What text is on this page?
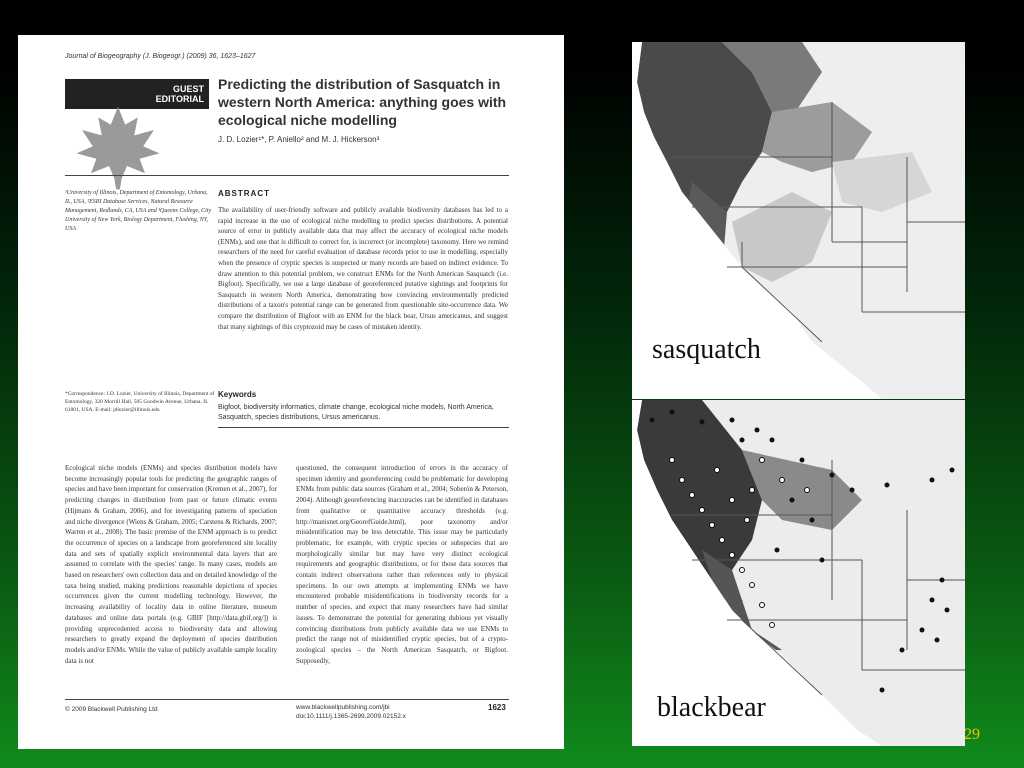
Journal of Biogeography (J. Biogeogr.) (2009) 36, 1623–1627
GUEST
EDITORIAL
Predicting the distribution of Sasquatch in western North America: anything goes with ecological niche modelling
J. D. Lozier¹*, P. Aniello² and M. J. Hickerson³
¹University of Illinois, Department of Entomology, Urbana, IL, USA, ²ESRI Database Services, Natural Resource Management, Redlands, CA, USA and ³Queens College, City University of New York, Biology Department, Flushing, NY, USA
*Correspondence: J.D. Lozier, University of Illinois, Department of Entomology, 320 Morrill Hall, 505 Goodwin Avenue, Urbana, IL 61801, USA. E-mail: jdlozier@illinois.edu
ABSTRACT
The availability of user-friendly software and publicly available biodiversity databases has led to a rapid increase in the use of ecological niche modelling to predict species distributions. A potential source of error in publicly available data that may affect the accuracy of ecological niche models (ENMs), and one that is difficult to correct for, is incorrect (or incomplete) taxonomy. Here we remind researchers of the need for careful evaluation of database records prior to use in modelling, especially when the presence of cryptic species is suspected or many records are based on indirect evidence. To draw attention to this potential problem, we construct ENMs for the North American Sasquatch (i.e. Bigfoot). Specifically, we use a large database of georeferenced putative sightings and footprints for Sasquatch in western North America, demonstrating how convincing environmentally predicted distributions of a taxon's potential range can be generated from questionable site-occurrence data. We compare the distribution of Bigfoot with an ENM for the black bear, Ursus americanus, and suggest that many sightings of this cryptozoid may be cases of mistaken identity.
Keywords
Bigfoot, biodiversity informatics, climate change, ecological niche models, North America, Sasquatch, species distributions, Ursus americanus.
Ecological niche models (ENMs) and species distribution models have become increasingly popular tools for predicting the geographic ranges of species and have been important for conservation (Kremen et al., 2007), for predicting changes in distribution from past or future climatic events (Hijmans & Graham, 2006), and for investigating patterns of speciation and niche divergence (Wiens & Graham, 2005; Carstens & Richards, 2007; Warren et al., 2008). The basic premise of the ENM approach is to predict the occurrence of species on a landscape from georeferenced site locality data and sets of spatially explicit environmental data layers that are assumed to correlate with the species' range. In many cases, models are based on researchers' own collection data and on detailed knowledge of the taxa being studied, making predictions reasonable depictions of species occurrences given the current modelling technology. However, the increasing availability of locality data in online literature, museum databases and online data portals (e.g. GBIF [http://data.gbif.org/]) is providing unprecedented access to biodiversity data and allowing researchers to greatly expand the deployment of species distribution models and/or ENMs. While the value of publicly available sample locality data is not
questioned, the consequent introduction of errors in the accuracy of specimen identity and georeferencing could be problematic for developing ENMs from public data sources (Graham et al., 2004; Soberón & Peterson, 2004). Although georeferencing inaccuracies can be identified in databases from qualitative or quantitative accuracy thresholds (e.g. http://manisnet.org/GeorefGuide.html), poor taxonomy and/or misidentification may be less detectable. This issue may be particularly problematic, for example, with cryptic species or subspecies that are morphologically similar but may have very distinct ecological requirements and geographic distributions, or for those data sources that contain indirect observations rather than references only to physical specimens. In our own attempts at implementing ENMs we have encountered probable misidentifications in biodiversity records for a number of species, and expect that many researchers have had similar issues. To demonstrate the potential for generating dubious yet visually convincing distributions from publicly available data we use ENMs to predict the range not of misidentified cryptic species, but of a crypto-zoological species – the North American Sasquatch, or Bigfoot. Supposedly,
© 2009 Blackwell Publishing Ltd	www.blackwellpublishing.com/jbi
doi:10.1111/j.1365-2699.2009.02152.x
1623
sasquatch
blackbear
29
